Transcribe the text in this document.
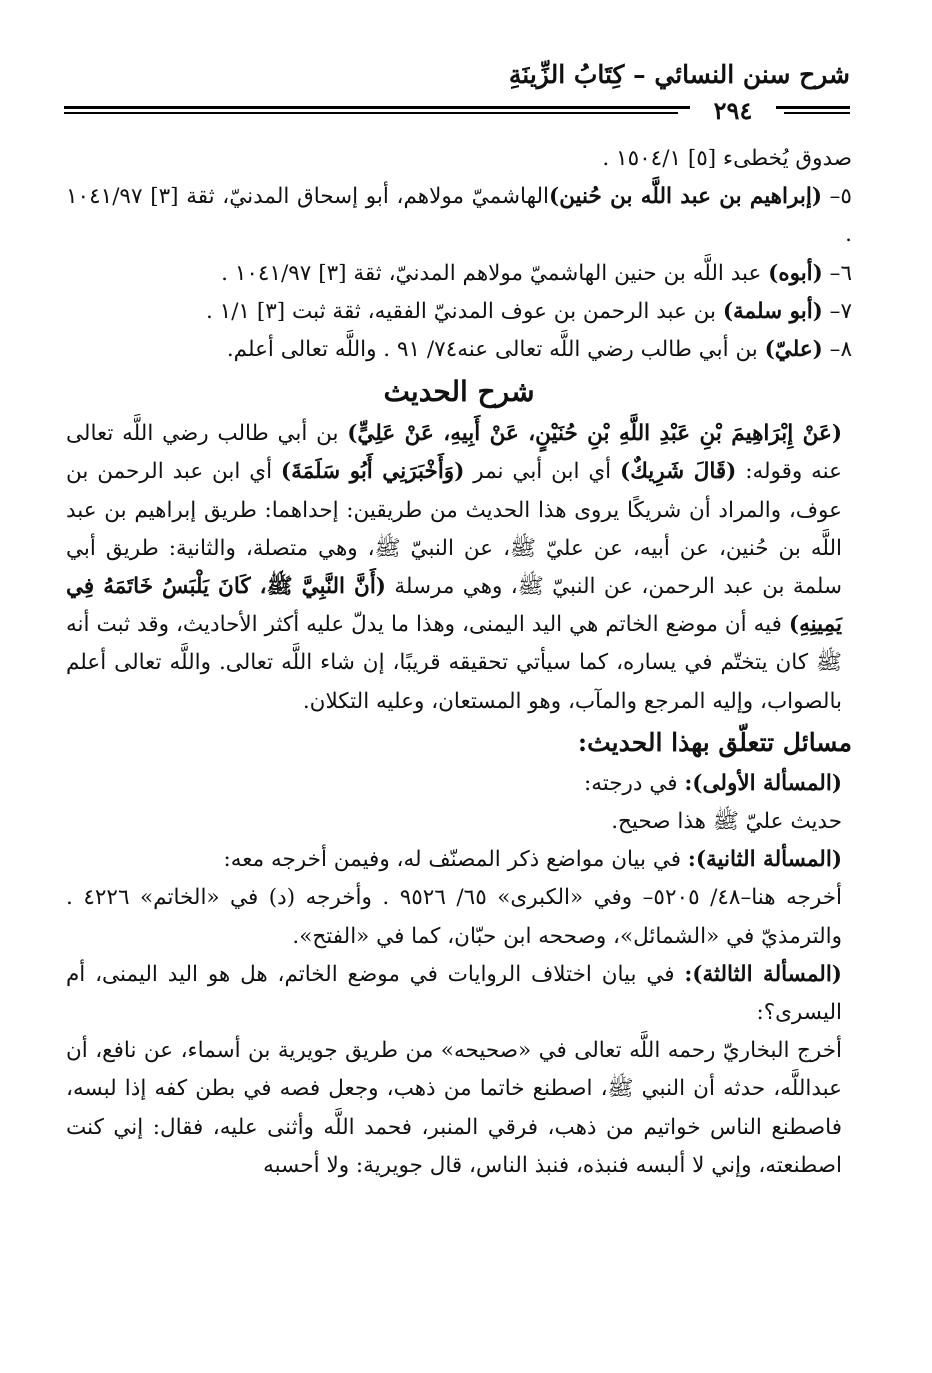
شرح سنن النسائي – كِتَابُ الزِّينَةِ
٢٩٤

صدوق يُخطىء [٥] ١٥٠٤/١ .

٥– (إبراهيم بن عبد اللَّه بن حُنين)الهاشميّ مولاهم، أبو إسحاق المدنيّ، ثقة [٣] ١٠٤١/٩٧ .

٦– (أبوه) عبد اللَّه بن حنين الهاشميّ مولاهم المدنيّ، ثقة [٣] ١٠٤١/٩٧ .

٧– (أبو سلمة) بن عبد الرحمن بن عوف المدنيّ الفقيه، ثقة ثبت [٣] ١/١ .

٨– (عليّ) بن أبي طالب رضي اللَّه تعالى عنه٧٤/ ٩١ . واللَّه تعالى أعلم.

شرح الحديث

(عَنْ إِبْرَاهِيمَ بْنِ عَبْدِ اللَّهِ بْنِ حُنَيْنٍ، عَنْ أَبِيهِ، عَنْ عَلِيٍّ) بن أبي طالب رضي اللَّه تعالى عنه وقوله: (قَالَ شَرِيكٌ) أي ابن أبي نمر (وَأَخْبَرَنِي أَبُو سَلَمَةَ) أي ابن عبد الرحمن بن عوف، والمراد أن شريكًا يروى هذا الحديث من طريقين: إحداهما: طريق إبراهيم بن عبد اللَّه بن حُنين، عن أبيه، عن عليّ ﷺ، عن النبيّ ﷺ، وهي متصلة، والثانية: طريق أبي سلمة بن عبد الرحمن، عن النبيّ ﷺ، وهي مرسلة (أَنَّ النَّبِيَّ ﷺ، كَانَ يَلْبَسُ خَاتَمَهُ فِي يَمِينِهِ) فيه أن موضع الخاتم هي اليد اليمنى، وهذا ما يدلّ عليه أكثر الأحاديث، وقد ثبت أنه ﷺ كان يتختّم في يساره، كما سيأتي تحقيقه قريبًا، إن شاء اللَّه تعالى. واللَّه تعالى أعلم بالصواب، وإليه المرجع والمآب، وهو المستعان، وعليه التكلان.

مسائل تتعلّق بهذا الحديث:

(المسألة الأولى): في درجته:

حديث عليّ ﷺ هذا صحيح.

(المسألة الثانية): في بيان مواضع ذكر المصنّف له، وفيمن أخرجه معه:

أخرجه هنا–٤٨/ ٥٢٠٥– وفي «الكبرى» ٦٥/ ٩٥٢٦ . وأخرجه (د) في «الخاتم» ٤٢٢٦ . والترمذيّ في «الشمائل»، وصححه ابن حبّان، كما في «الفتح».

(المسألة الثالثة): في بيان اختلاف الروايات في موضع الخاتم، هل هو اليد اليمنى، أم اليسرى؟:

أخرج البخاريّ رحمه اللَّه تعالى في «صحيحه» من طريق جويرية بن أسماء، عن نافع، أن عبداللَّه، حدثه أن النبي ﷺ، اصطنع خاتما من ذهب، وجعل فصه في بطن كفه إذا لبسه، فاصطنع الناس خواتيم من ذهب، فرقي المنبر، فحمد اللَّه وأثنى عليه، فقال: إني كنت اصطنعته، وإني لا ألبسه فنبذه، فنبذ الناس، قال جويرية: ولا أحسبه
